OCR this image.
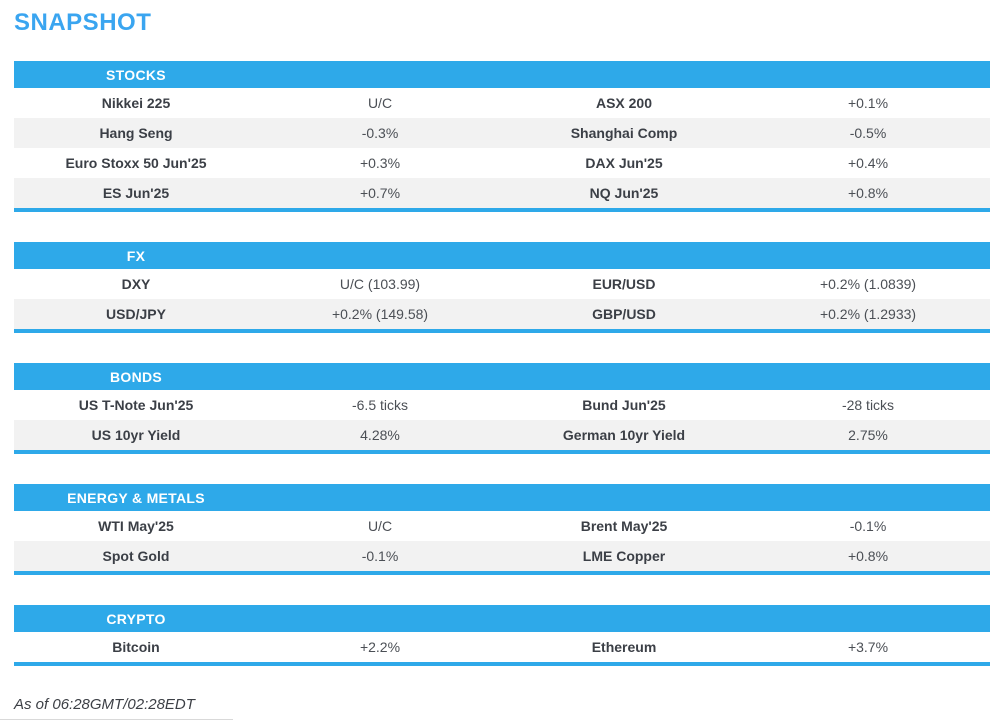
SNAPSHOT
STOCKS
Nikkei 225	U/C	ASX 200	+0.1%
Hang Seng	-0.3%	Shanghai Comp	-0.5%
Euro Stoxx 50 Jun'25	+0.3%	DAX Jun'25	+0.4%
ES Jun'25	+0.7%	NQ Jun'25	+0.8%
FX
DXY	U/C (103.99)	EUR/USD	+0.2% (1.0839)
USD/JPY	+0.2% (149.58)	GBP/USD	+0.2% (1.2933)
BONDS
US T-Note Jun'25	-6.5 ticks	Bund Jun'25	-28 ticks
US 10yr Yield	4.28%	German 10yr Yield	2.75%
ENERGY & METALS
WTI May'25	U/C	Brent May'25	-0.1%
Spot Gold	-0.1%	LME Copper	+0.8%
CRYPTO
Bitcoin	+2.2%	Ethereum	+3.7%
As of 06:28GMT/02:28EDT
